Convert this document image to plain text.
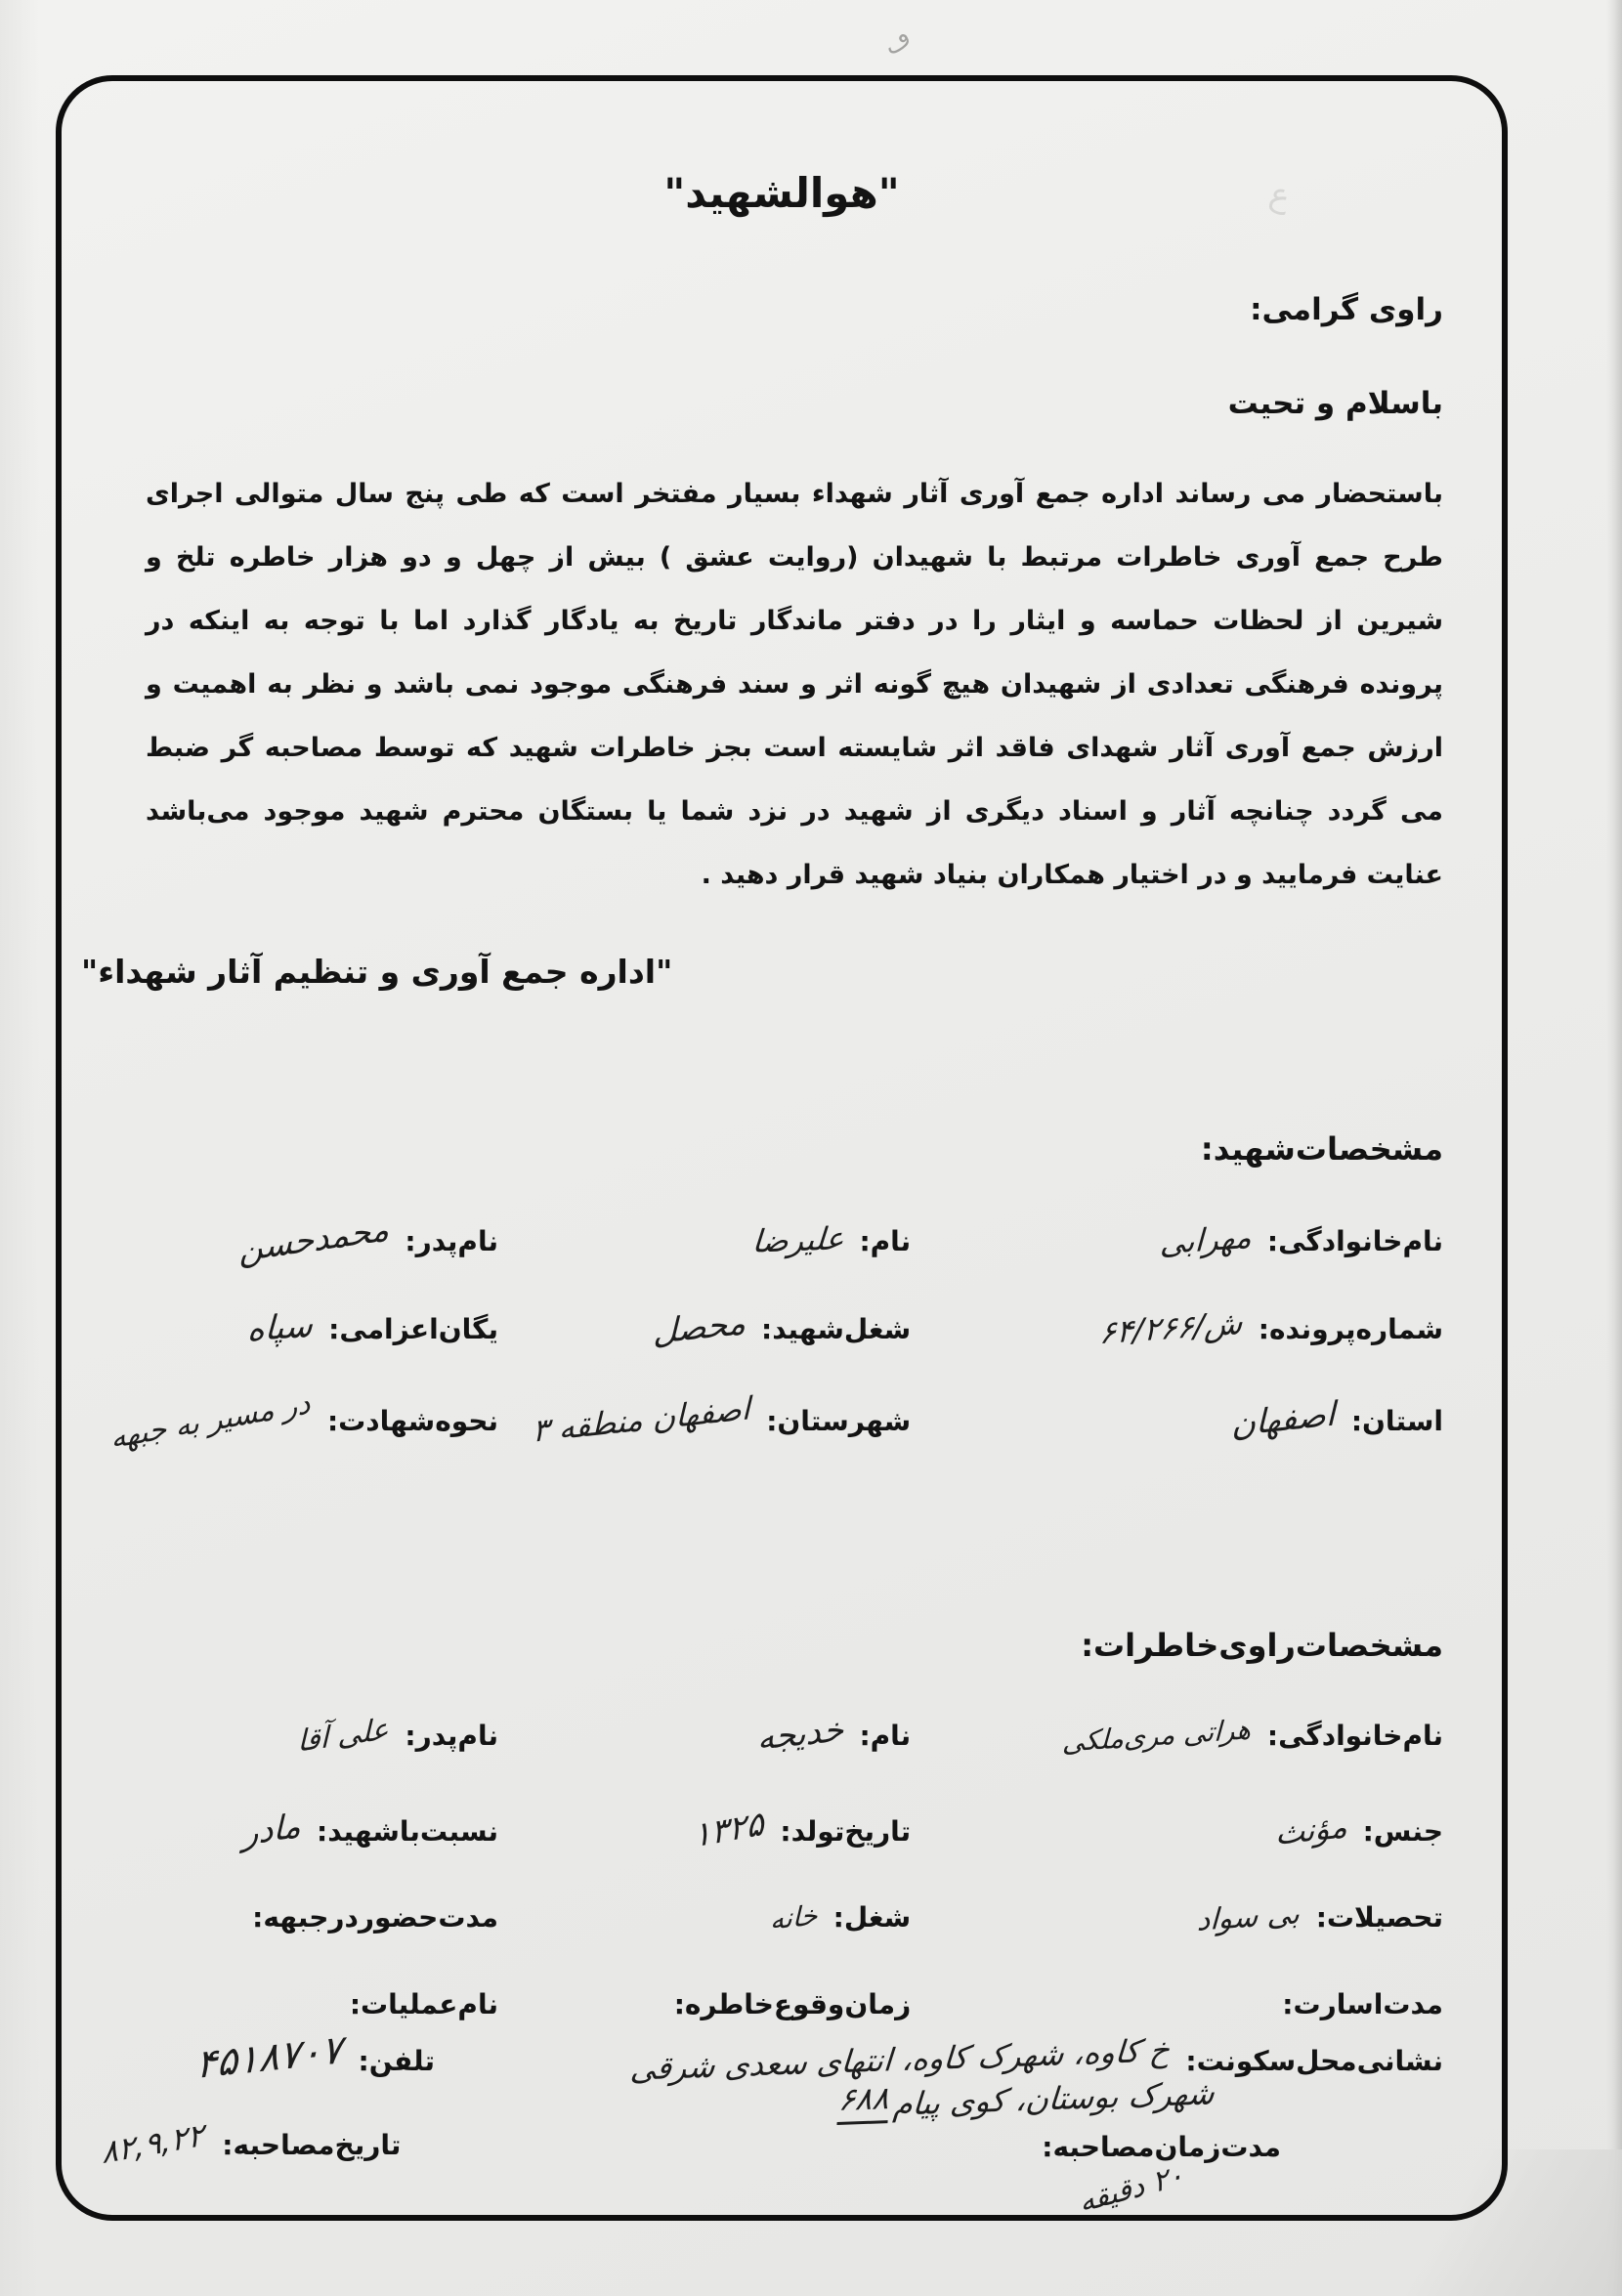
ڡ
ع
"هوالشهید"
راوی گرامی:
باسلام و تحیت
باستحضار می رساند اداره جمع آوری آثار شهداء بسیار مفتخر است که طی پنج سال متوالی اجرای
طرح جمع آوری خاطرات مرتبط با شهیدان (روایت عشق ) بیش از چهل و دو هزار خاطره تلخ و
شیرین از لحظات حماسه و ایثار را در دفتر ماندگار تاریخ به یادگار گذارد اما با توجه به اینکه در
پرونده فرهنگی تعدادی از شهیدان هیچ گونه اثر و سند فرهنگی موجود نمی باشد و نظر به اهمیت و
ارزش جمع آوری آثار شهدای فاقد اثر شایسته است بجز خاطرات شهید که توسط مصاحبه گر ضبط
می گردد چنانچه آثار و اسناد دیگری از شهید در نزد شما یا بستگان محترم شهید موجود می‌باشد
عنایت فرمایید و در اختیار همکاران بنیاد شهید قرار دهید .
"اداره جمع آوری و تنظیم آثار شهداء"
مشخصات‌شهید:
نام‌خانوادگی:
مهرابی
نام:
علیرضا
نام‌پدر:
محمدحسن
شماره‌پرونده:
ش/۶۴/۲۶۶
شغل‌شهید:
محصل
یگان‌اعزامی:
سپاه
استان:
اصفهان
شهرستان:
اصفهان منطقه ۳
نحوه‌شهادت:
در مسیر به جبهه
مشخصات‌راوی‌خاطرات:
نام‌خانوادگی:
هراتی مری‌ملکی
نام:
خدیجه
نام‌پدر:
علی آقا
جنس:
مؤنث
تاریخ‌تولد:
۱۳۲۵
نسبت‌باشهید:
مادر
تحصیلات:
بی سواد
شغل:
خانه
مدت‌حضوردرجبهه:
مدت‌اسارت:
زمان‌وقوع‌خاطره:
نام‌عملیات:
نشانی‌محل‌سکونت:
خ کاوه، شهرک کاوه، انتهای سعدی شرقی
تلفن:
۴۵۱۸۷۰۷
شهرک بوستان، کوی پیام ۶۸۸
مدت‌زمان‌مصاحبه:
۲۰ دقیقه
تاریخ‌مصاحبه:
۸۲,۹,۲۲
